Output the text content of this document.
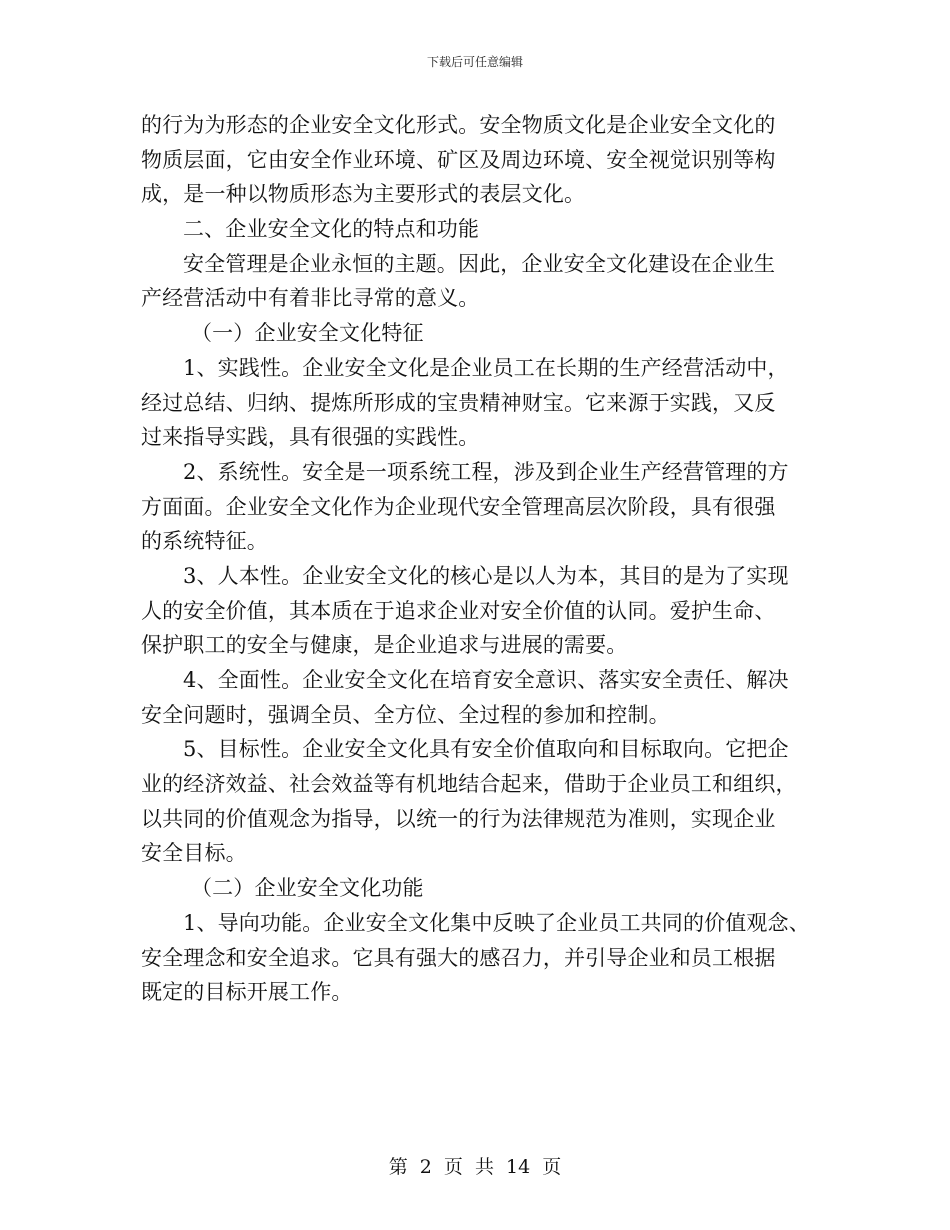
下载后可任意编辑
的行为为形态的企业安全文化形式。安全物质文化是企业安全文化的
物质层面，它由安全作业环境、矿区及周边环境、安全视觉识别等构
成，是一种以物质形态为主要形式的表层文化。
二、企业安全文化的特点和功能
安全管理是企业永恒的主题。因此，企业安全文化建设在企业生
产经营活动中有着非比寻常的意义。
（一）企业安全文化特征
1、实践性。企业安全文化是企业员工在长期的生产经营活动中，
经过总结、归纳、提炼所形成的宝贵精神财宝。它来源于实践，又反
过来指导实践，具有很强的实践性。
2、系统性。安全是一项系统工程，涉及到企业生产经营管理的方
方面面。企业安全文化作为企业现代安全管理高层次阶段，具有很强
的系统特征。
3、人本性。企业安全文化的核心是以人为本，其目的是为了实现
人的安全价值，其本质在于追求企业对安全价值的认同。爱护生命、
保护职工的安全与健康，是企业追求与进展的需要。
4、全面性。企业安全文化在培育安全意识、落实安全责任、解决
安全问题时，强调全员、全方位、全过程的参加和控制。
5、目标性。企业安全文化具有安全价值取向和目标取向。它把企
业的经济效益、社会效益等有机地结合起来，借助于企业员工和组织，
以共同的价值观念为指导，以统一的行为法律规范为准则，实现企业
安全目标。
（二）企业安全文化功能
1、导向功能。企业安全文化集中反映了企业员工共同的价值观念、
安全理念和安全追求。它具有强大的感召力，并引导企业和员工根据
既定的目标开展工作。
第 2 页 共 14 页
